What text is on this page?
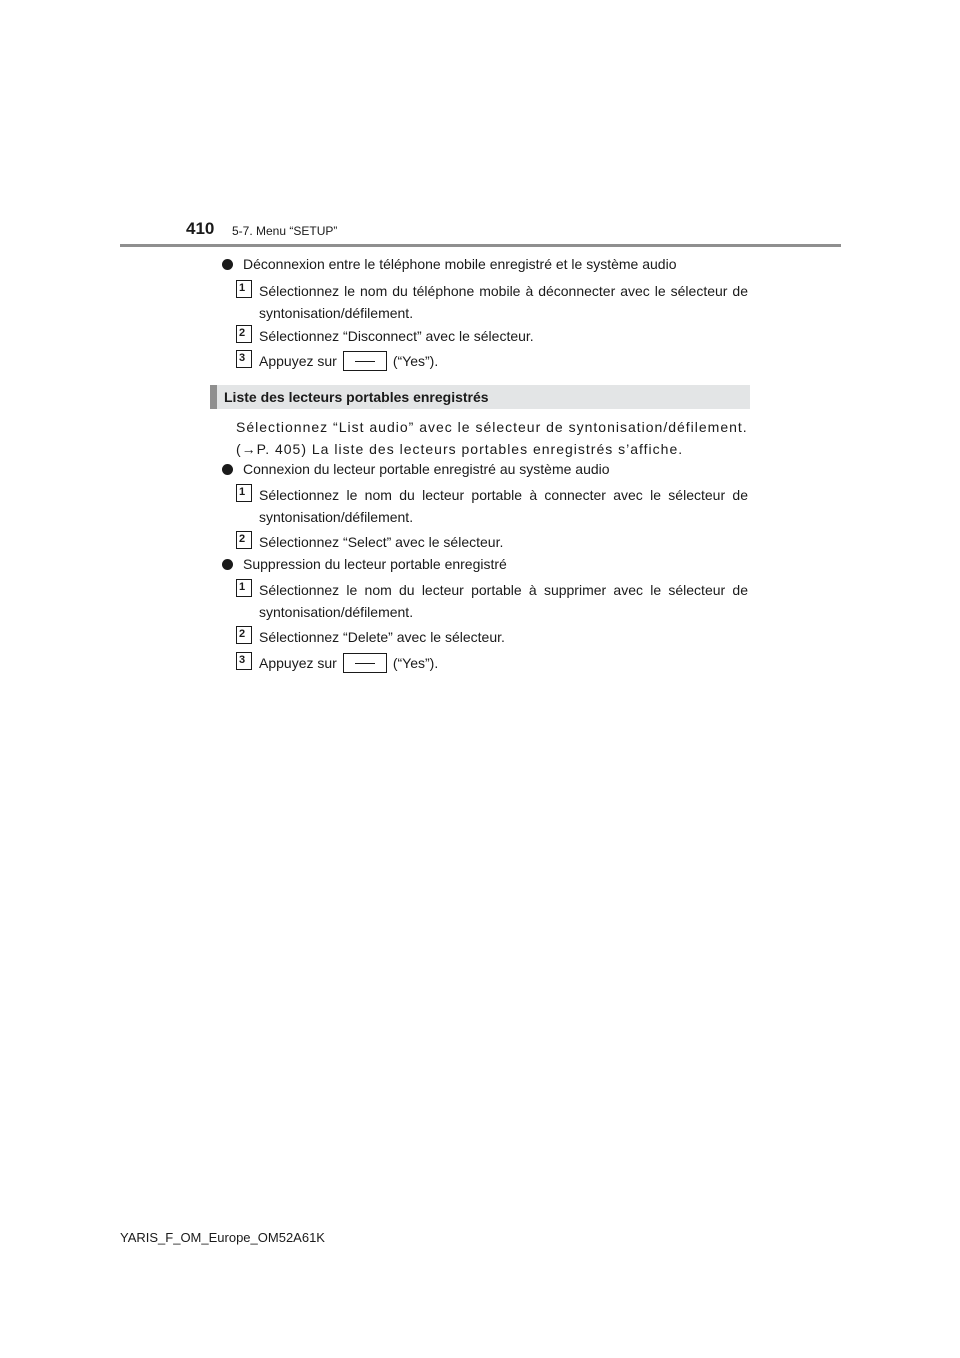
410 5-7. Menu “SETUP”
Déconnexion entre le téléphone mobile enregistré et le système audio
1 Sélectionnez le nom du téléphone mobile à déconnecter avec le sélecteur de syntonisation/défilement.
2 Sélectionnez “Disconnect” avec le sélecteur.
3 Appuyez sur	(“Yes”).
Liste des lecteurs portables enregistrés
Sélectionnez “List audio” avec le sélecteur de syntonisation/défilement. (→P. 405) La liste des lecteurs portables enregistrés s’affiche.
Connexion du lecteur portable enregistré au système audio
1 Sélectionnez le nom du lecteur portable à connecter avec le sélecteur de syntonisation/défilement.
2 Sélectionnez “Select” avec le sélecteur.
Suppression du lecteur portable enregistré
1 Sélectionnez le nom du lecteur portable à supprimer avec le sélecteur de syntonisation/défilement.
2 Sélectionnez “Delete” avec le sélecteur.
3 Appuyez sur	(“Yes”).
YARIS_F_OM_Europe_OM52A61K
